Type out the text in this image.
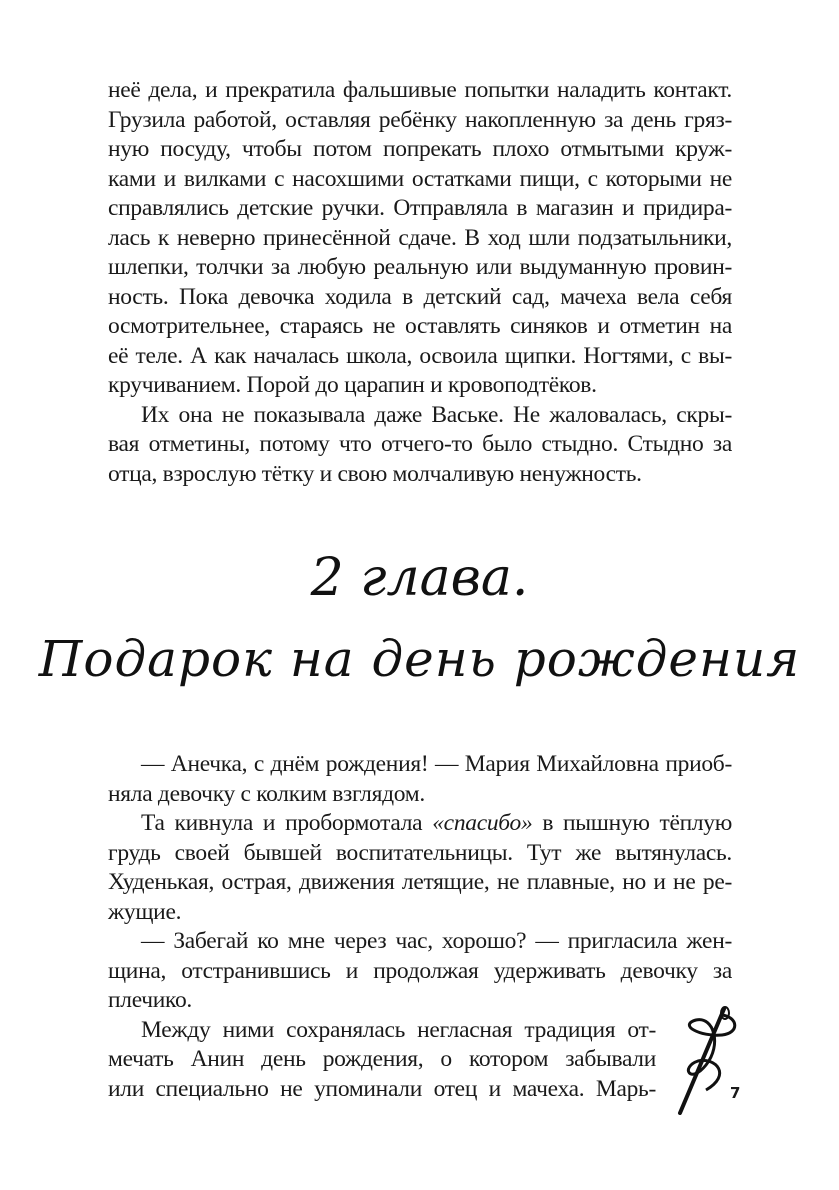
неё дела, и прекратила фальшивые попытки наладить контакт.
Грузила работой, оставляя ребёнку накопленную за день гряз-
ную посуду, чтобы потом попрекать плохо отмытыми круж-
ками и вилками с насохшими остатками пищи, с которыми не
справлялись детские ручки. Отправляла в магазин и придира-
лась к неверно принесённой сдаче. В ход шли подзатыльники,
шлепки, толчки за любую реальную или выдуманную провин-
ность. Пока девочка ходила в детский сад, мачеха вела себя
осмотрительнее, стараясь не оставлять синяков и отметин на
её теле. А как началась школа, освоила щипки. Ногтями, с вы-
кручиванием. Порой до царапин и кровоподтёков.
Их она не показывала даже Ваське. Не жаловалась, скры-
вая отметины, потому что отчего-то было стыдно. Стыдно за
отца, взрослую тётку и свою молчаливую ненужность.
2 глава.
Подарок на день рождения
— Анечка, с днём рождения! — Мария Михайловна приоб-
няла девочку с колким взглядом.
Та кивнула и пробормотала «спасибо» в пышную тёплую
грудь своей бывшей воспитательницы. Тут же вытянулась.
Худенькая, острая, движения летящие, не плавные, но и не ре-
жущие.
— Забегай ко мне через час, хорошо? — пригласила жен-
щина, отстранившись и продолжая удерживать девочку за
плечико.
Между ними сохранялась негласная традиция от-
мечать Анин день рождения, о котором забывали
или специально не упоминали отец и мачеха. Марь-	7
